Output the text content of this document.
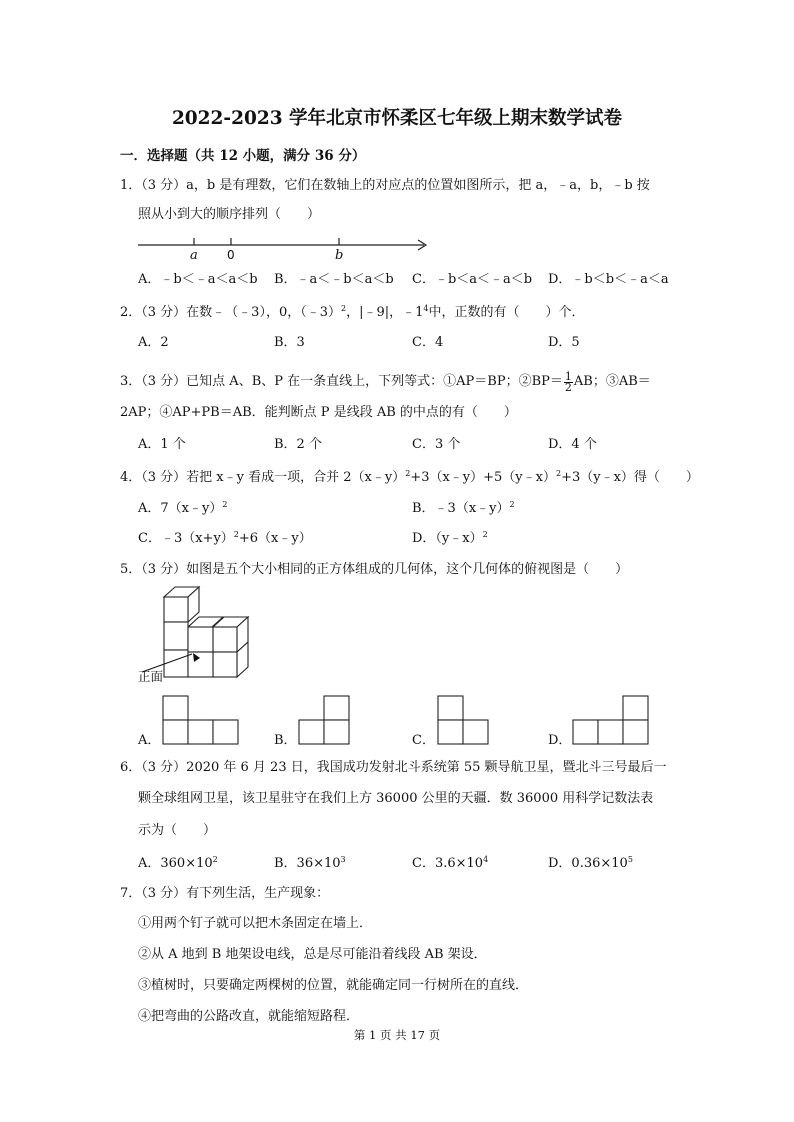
2022-2023 学年北京市怀柔区七年级上期末数学试卷
一．选择题（共 12 小题，满分 36 分）
1．（3 分）a，b 是有理数，它们在数轴上的对应点的位置如图所示，把 a，﹣a，b，﹣b 按
照从小到大的顺序排列（　　）
a 0	b
A．﹣b＜﹣a＜a＜b B．﹣a＜﹣b＜a＜b C．﹣b＜a＜﹣a＜b D．﹣b＜b＜﹣a＜a
2．（3 分）在数﹣（﹣3），0，（﹣3）$^2$，|﹣9|，$﹣1^4$中，正数的有（　　）个．
A．2	B．3	C．4	D．5
3．（3 分）已知点 A、B、P 在一条直线上，下列等式：①AP＝BP；②BP＝ $\frac{1}{2}$ AB；③AB＝
2AP；④AP+PB＝AB．能判断点 P 是线段 AB 的中点的有（　　）
A．1 个	B．2 个	C．3 个	D．4 个
4．（3 分）若把 x﹣y 看成一项，合并 2（x﹣y）$^2$+3（x﹣y）+5（y﹣x）$^2$+3（y﹣x）得（　　）
A．7（x﹣y）$^2$	B．﹣3（x﹣y）$^2$
C．$﹣3(x+y)^2+6(x﹣y)$	D．（y﹣x）$^2$
5．（3 分）如图是五个大小相同的正方体组成的几何体，这个几何体的俯视图是（　　）
正面
A．	B．	C．	D．
6．（3 分）2020 年 6 月 23 日，我国成功发射北斗系统第 55 颗导航卫星，暨北斗三号最后一
颗全球组网卫星，该卫星驻守在我们上方 36000 公里的天疆．数 36000 用科学记数法表
示为（　　）
A．$360\times 10^2$	B．$36\times 10^3$	C．$3.6\times 10^4$	D．$0.36\times 10^5$
7．（3 分）有下列生活，生产现象：
①用两个钉子就可以把木条固定在墙上．
②从 A 地到 B 地架设电线，总是尽可能沿着线段 AB 架设．
③植树时，只要确定两棵树的位置，就能确定同一行树所在的直线．
④把弯曲的公路改直，就能缩短路程．
第 1 页 共 17 页
